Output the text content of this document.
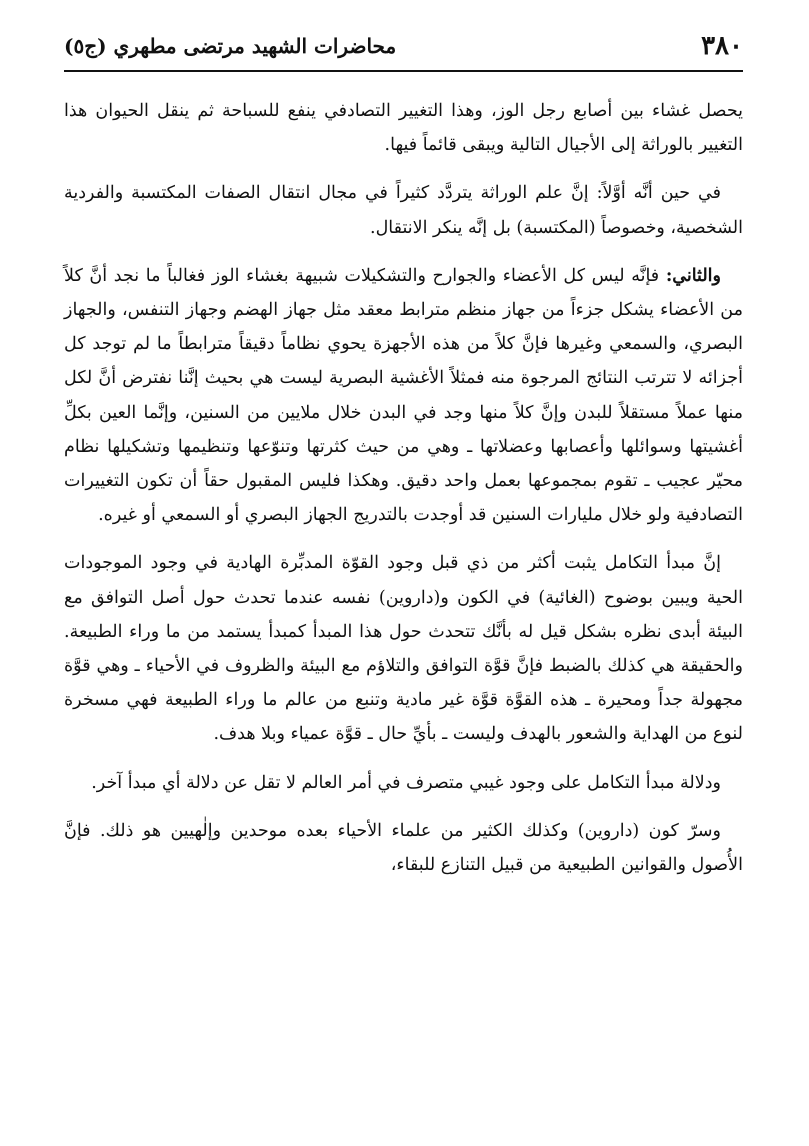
٣٨٠
محاضرات الشهيد مرتضى مطهري (ج٥)

يحصل غشاء بين أصابع رجل الوز، وهذا التغيير التصادفي ينفع للسباحة ثم ينقل الحيوان هذا التغيير بالوراثة إلى الأجيال التالية ويبقى قائماً فيها.

في حين أنَّه أوَّلاً: إنَّ علم الوراثة يتردَّد كثيراً في مجال انتقال الصفات المكتسبة والفردية الشخصية، وخصوصاً (المكتسبة) بل إنَّه ينكر الانتقال.

والثاني: فإنَّه ليس كل الأعضاء والجوارح والتشكيلات شبيهة بغشاء الوز فغالباً ما نجد أنَّ كلاً من الأعضاء يشكل جزءاً من جهاز منظم مترابط معقد مثل جهاز الهضم وجهاز التنفس، والجهاز البصري، والسمعي وغيرها فإنَّ كلاً من هذه الأجهزة يحوي نظاماً دقيقاً مترابطاً ما لم توجد كل أجزائه لا تترتب النتائج المرجوة منه فمثلاً الأغشية البصرية ليست هي بحيث إنَّنا نفترض أنَّ لكل منها عملاً مستقلاً للبدن وإنَّ كلاً منها وجد في البدن خلال ملايين من السنين، وإنَّما العين بكلِّ أغشيتها وسوائلها وأعصابها وعضلاتها ـ وهي من حيث كثرتها وتنوّعها وتنظيمها وتشكيلها نظام محيّر عجيب ـ تقوم بمجموعها بعمل واحد دقيق. وهكذا فليس المقبول حقاً أن تكون التغييرات التصادفية ولو خلال مليارات السنين قد أوجدت بالتدريج الجهاز البصري أو السمعي أو غيره.

إنَّ مبدأ التكامل يثبت أكثر من ذي قبل وجود القوّة المدبِّرة الهادية في وجود الموجودات الحية ويبين بوضوح (الغائية) في الكون و(داروين) نفسه عندما تحدث حول أصل التوافق مع البيئة أبدى نظره بشكل قيل له بأنَّك تتحدث حول هذا المبدأ كمبدأ يستمد من ما وراء الطبيعة. والحقيقة هي كذلك بالضبط فإنَّ قوَّة التوافق والتلاؤم مع البيئة والظروف في الأحياء ـ وهي قوَّة مجهولة جداً ومحيرة ـ هذه القوَّة قوَّة غير مادية وتنبع من عالم ما وراء الطبيعة فهي مسخرة لنوع من الهداية والشعور بالهدف وليست ـ بأيِّ حال ـ قوَّة عمياء وبلا هدف.

ودلالة مبدأ التكامل على وجود غيبي متصرف في أمر العالم لا تقل عن دلالة أي مبدأ آخر.

وسرّ كون (داروين) وكذلك الكثير من علماء الأحياء بعده موحدين وإلٰهيين هو ذلك. فإنَّ الأُصول والقوانين الطبيعية من قبيل التنازع للبقاء،
